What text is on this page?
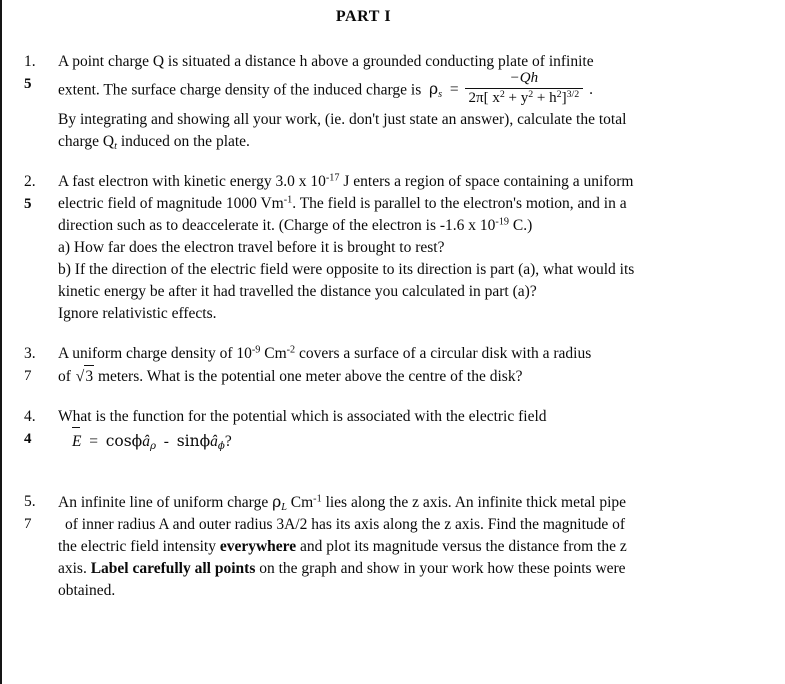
PART I
1.
5
A point charge Q is situated a distance h above a grounded conducting plate of infinite
extent. The surface charge density of the induced charge is $\rho_s = \frac{-Qh}{2\pi[ x^2 + y^2 + h^2]^{3/2}}$ .
By integrating and showing all your work, (ie. don't just state an answer), calculate the total
charge $Q_t$ induced on the plate.
2.
5
A fast electron with kinetic energy 3.0 x $10^{-17}$ J enters a region of space containing a uniform
electric field of magnitude 1000 $Vm^{-1}$. The field is parallel to the electron's motion, and in a
direction such as to deaccelerate it. (Charge of the electron is -1.6 x $10^{-19}$ C.)
a) How far does the electron travel before it is brought to rest?
b) If the direction of the electric field were opposite to its direction is part (a), what would its
kinetic energy be after it had travelled the distance you calculated in part (a)?
Ignore relativistic effects.
3.
7
A uniform charge density of $10^{-9}$ $Cm^{-2}$ covers a surface of a circular disk with a radius
of √3 meters. What is the potential one meter above the centre of the disk?
4.
4
What is the function for the potential which is associated with the electric field
E = cosϕâ$_\rho$ - sinϕâ$_\phi$?
5.
7
An infinite line of uniform charge $\rho_L$ $Cm^{-1}$ lies along the z axis. An infinite thick metal pipe
of inner radius A and outer radius 3A/2 has its axis along the z axis. Find the magnitude of
the electric field intensity everywhere and plot its magnitude versus the distance from the z
axis. Label carefully all points on the graph and show in your work how these points were
obtained.
